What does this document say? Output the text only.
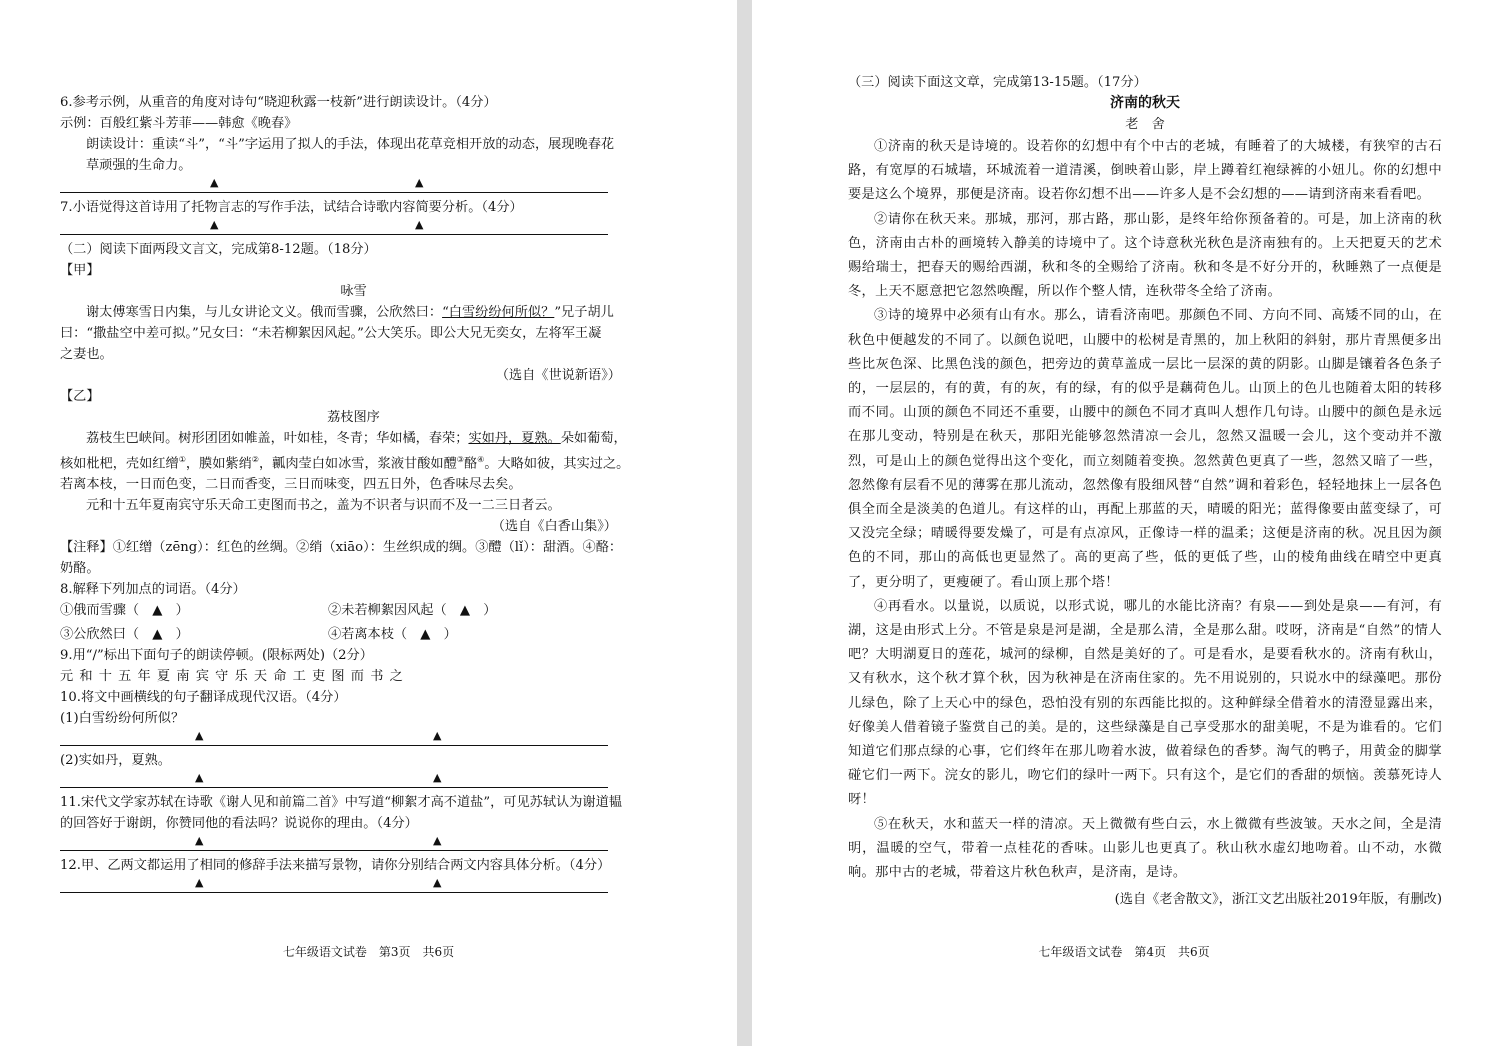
6.参考示例，从重音的角度对诗句“晓迎秋露一枝新”进行朗读设计。（4分）
示例：百般红紫斗芳菲——韩愈《晚春》
朗读设计：重读“斗”，“斗”字运用了拟人的手法，体现出花草竞相开放的动态，展现晚春花
草顽强的生命力。
▲	▲
7.小语觉得这首诗用了托物言志的写作手法，试结合诗歌内容简要分析。（4分）
▲	▲
（二）阅读下面两段文言文，完成第8-12题。（18分）
【甲】
咏雪
谢太傅寒雪日内集，与儿女讲论文义。俄而雪骤，公欣然曰：“白雪纷纷何所似？”兄子胡儿
曰：“撒盐空中差可拟。”兄女曰：“未若柳絮因风起。”公大笑乐。即公大兄无奕女，左将军王凝
之妻也。
（选自《世说新语》）
【乙】
荔枝图序
荔枝生巴峡间。树形团团如帷盖，叶如桂，冬青；华如橘，春荣；实如丹，夏熟。朵如葡萄，
核如枇杷，壳如红缯①，膜如紫绡②，瓤肉莹白如冰雪，浆液甘酸如醴③酪④。大略如彼，其实过之。
若离本枝，一日而色变，二日而香变，三日而味变，四五日外，色香味尽去矣。
元和十五年夏南宾守乐天命工吏图而书之，盖为不识者与识而不及一二三日者云。
（选自《白香山集》）
【注释】①红缯（zēng）：红色的丝绸。②绡（xiāo）：生丝织成的绸。③醴（lǐ）：甜酒。④酪：
奶酪。
8.解释下列加点的词语。（4分）
①俄而雪骤（　▲　）	②未若柳絮因风起（　▲　）
③公欣然曰（　▲　）	④若离本枝（　▲　）
9.用“/”标出下面句子的朗读停顿。(限标两处)（2分）
元和十五年夏南宾守乐天命工吏图而书之
10.将文中画横线的句子翻译成现代汉语。（4分）
(1)白雪纷纷何所似？
▲	▲
(2)实如丹，夏熟。
▲	▲
11.宋代文学家苏轼在诗歌《谢人见和前篇二首》中写道“柳絮才高不道盐”，可见苏轼认为谢道韫
的回答好于谢朗，你赞同他的看法吗？说说你的理由。（4分）
▲	▲
12.甲、乙两文都运用了相同的修辞手法来描写景物，请你分别结合两文内容具体分析。（4分）
▲	▲
七年级语文试卷　第3页　共6页
（三）阅读下面这文章，完成第13-15题。（17分）
济南的秋天
老　舍
①济南的秋天是诗境的。设若你的幻想中有个中古的老城，有睡着了的大城楼，有狭窄的古石路，有宽厚的石城墙，环城流着一道清溪，倒映着山影，岸上蹲着红袍绿裤的小妞儿。你的幻想中要是这么个境界，那便是济南。设若你幻想不出——许多人是不会幻想的——请到济南来看看吧。
②请你在秋天来。那城，那河，那古路，那山影，是终年给你预备着的。可是，加上济南的秋色，济南由古朴的画境转入静美的诗境中了。这个诗意秋光秋色是济南独有的。上天把夏天的艺术赐给瑞士，把春天的赐给西湖，秋和冬的全赐给了济南。秋和冬是不好分开的，秋睡熟了一点便是冬，上天不愿意把它忽然唤醒，所以作个整人情，连秋带冬全给了济南。
③诗的境界中必须有山有水。那么，请看济南吧。那颜色不同、方向不同、高矮不同的山，在秋色中便越发的不同了。以颜色说吧，山腰中的松树是青黑的，加上秋阳的斜射，那片青黑便多出些比灰色深、比黑色浅的颜色，把旁边的黄草盖成一层比一层深的黄的阴影。山脚是镶着各色条子的，一层层的，有的黄，有的灰，有的绿，有的似乎是藕荷色儿。山顶上的色儿也随着太阳的转移而不同。山顶的颜色不同还不重要，山腰中的颜色不同才真叫人想作几句诗。山腰中的颜色是永远在那儿变动，特别是在秋天，那阳光能够忽然清凉一会儿，忽然又温暖一会儿，这个变动并不激烈，可是山上的颜色觉得出这个变化，而立刻随着变换。忽然黄色更真了一些，忽然又暗了一些，忽然像有层看不见的薄雾在那儿流动，忽然像有股细风替“自然”调和着彩色，轻轻地抹上一层各色俱全而全是淡美的色道儿。有这样的山，再配上那蓝的天，晴暖的阳光；蓝得像要由蓝变绿了，可又没完全绿；晴暖得要发燥了，可是有点凉风，正像诗一样的温柔；这便是济南的秋。况且因为颜色的不同，那山的高低也更显然了。高的更高了些，低的更低了些，山的棱角曲线在晴空中更真了，更分明了，更瘦硬了。看山顶上那个塔！
④再看水。以量说，以质说，以形式说，哪儿的水能比济南？有泉——到处是泉——有河，有湖，这是由形式上分。不管是泉是河是湖，全是那么清，全是那么甜。哎呀，济南是“自然”的情人吧？大明湖夏日的莲花，城河的绿柳，自然是美好的了。可是看水，是要看秋水的。济南有秋山，又有秋水，这个秋才算个秋，因为秋神是在济南住家的。先不用说别的，只说水中的绿藻吧。那份儿绿色，除了上天心中的绿色，恐怕没有别的东西能比拟的。这种鲜绿全借着水的清澄显露出来，好像美人借着镜子鉴赏自己的美。是的，这些绿藻是自己享受那水的甜美呢，不是为谁看的。它们知道它们那点绿的心事，它们终年在那儿吻着水波，做着绿色的香梦。淘气的鸭子，用黄金的脚掌碰它们一两下。浣女的影儿，吻它们的绿叶一两下。只有这个，是它们的香甜的烦恼。羡慕死诗人呀！
⑤在秋天，水和蓝天一样的清凉。天上微微有些白云，水上微微有些波皱。天水之间，全是清明，温暖的空气，带着一点桂花的香味。山影儿也更真了。秋山秋水虚幻地吻着。山不动，水微响。那中古的老城，带着这片秋色秋声，是济南，是诗。
(选自《老舍散文》，浙江文艺出版社2019年版，有删改)
七年级语文试卷　第4页　共6页
